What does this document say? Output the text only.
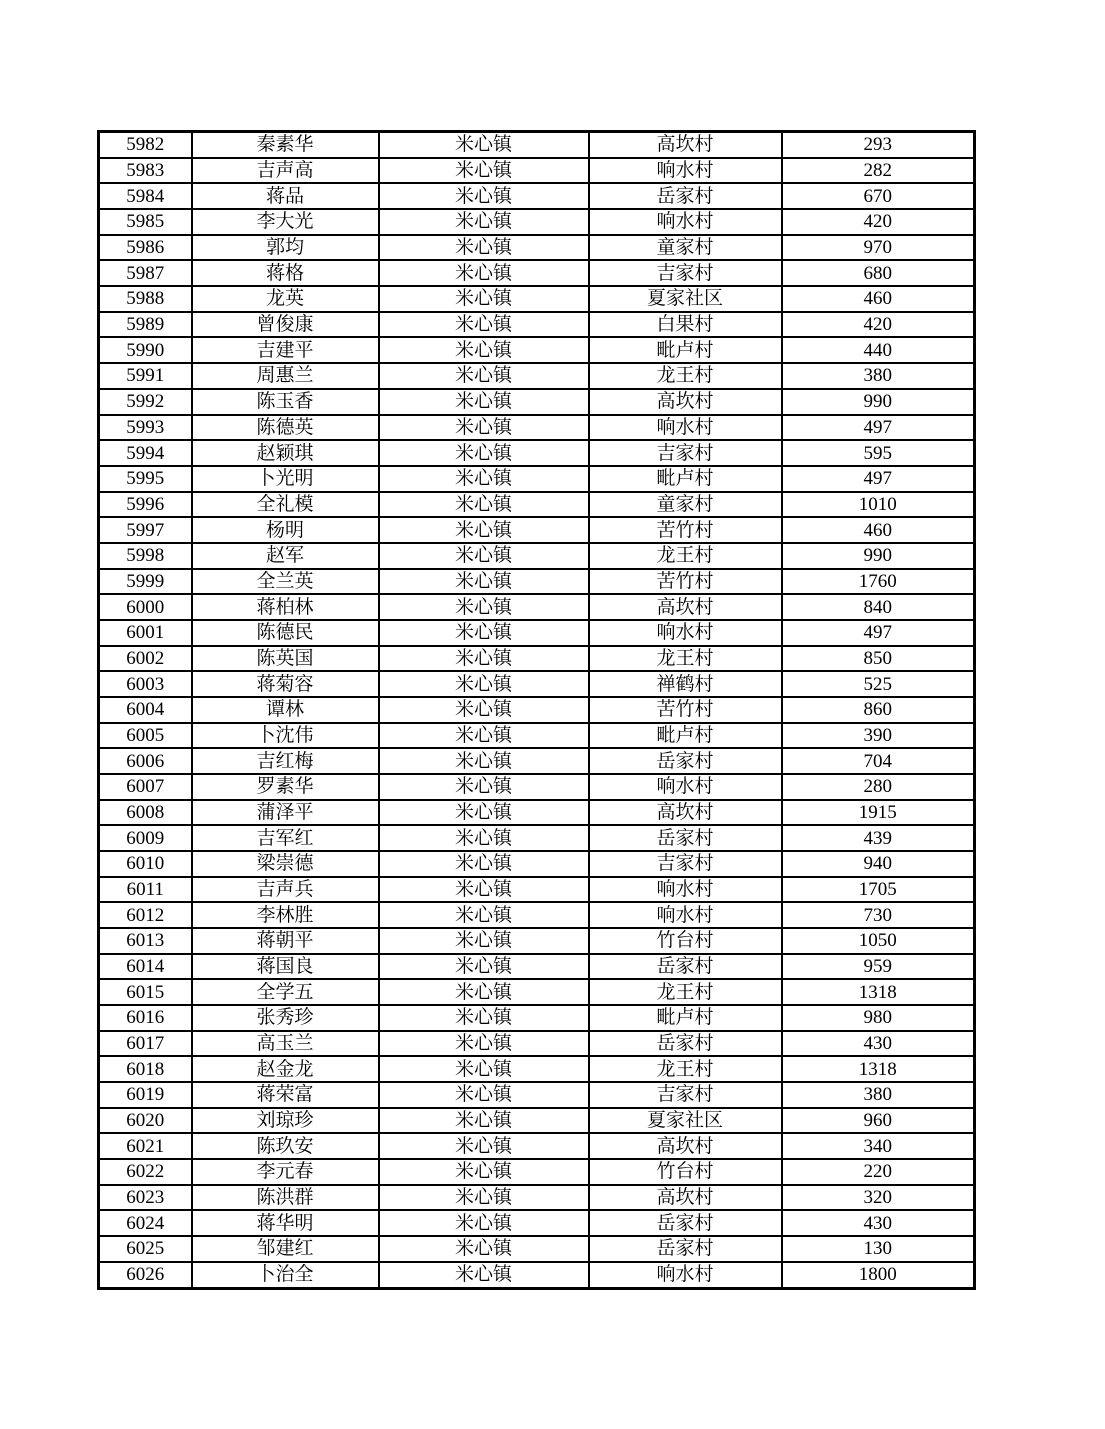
5982	秦素华	米心镇	高坎村	293
5983	吉声高	米心镇	响水村	282
5984	蒋品	米心镇	岳家村	670
5985	李大光	米心镇	响水村	420
5986	郭均	米心镇	童家村	970
5987	蒋格	米心镇	吉家村	680
5988	龙英	米心镇	夏家社区	460
5989	曾俊康	米心镇	白果村	420
5990	吉建平	米心镇	毗卢村	440
5991	周惠兰	米心镇	龙王村	380
5992	陈玉香	米心镇	高坎村	990
5993	陈德英	米心镇	响水村	497
5994	赵颖琪	米心镇	吉家村	595
5995	卜光明	米心镇	毗卢村	497
5996	全礼模	米心镇	童家村	1010
5997	杨明	米心镇	苦竹村	460
5998	赵军	米心镇	龙王村	990
5999	全兰英	米心镇	苦竹村	1760
6000	蒋柏林	米心镇	高坎村	840
6001	陈德民	米心镇	响水村	497
6002	陈英国	米心镇	龙王村	850
6003	蒋菊容	米心镇	禅鹤村	525
6004	谭林	米心镇	苦竹村	860
6005	卜沈伟	米心镇	毗卢村	390
6006	吉红梅	米心镇	岳家村	704
6007	罗素华	米心镇	响水村	280
6008	蒲泽平	米心镇	高坎村	1915
6009	吉军红	米心镇	岳家村	439
6010	梁崇德	米心镇	吉家村	940
6011	吉声兵	米心镇	响水村	1705
6012	李林胜	米心镇	响水村	730
6013	蒋朝平	米心镇	竹台村	1050
6014	蒋国良	米心镇	岳家村	959
6015	全学五	米心镇	龙王村	1318
6016	张秀珍	米心镇	毗卢村	980
6017	高玉兰	米心镇	岳家村	430
6018	赵金龙	米心镇	龙王村	1318
6019	蒋荣富	米心镇	吉家村	380
6020	刘琼珍	米心镇	夏家社区	960
6021	陈玖安	米心镇	高坎村	340
6022	李元春	米心镇	竹台村	220
6023	陈洪群	米心镇	高坎村	320
6024	蒋华明	米心镇	岳家村	430
6025	邹建红	米心镇	岳家村	130
6026	卜治全	米心镇	响水村	1800
